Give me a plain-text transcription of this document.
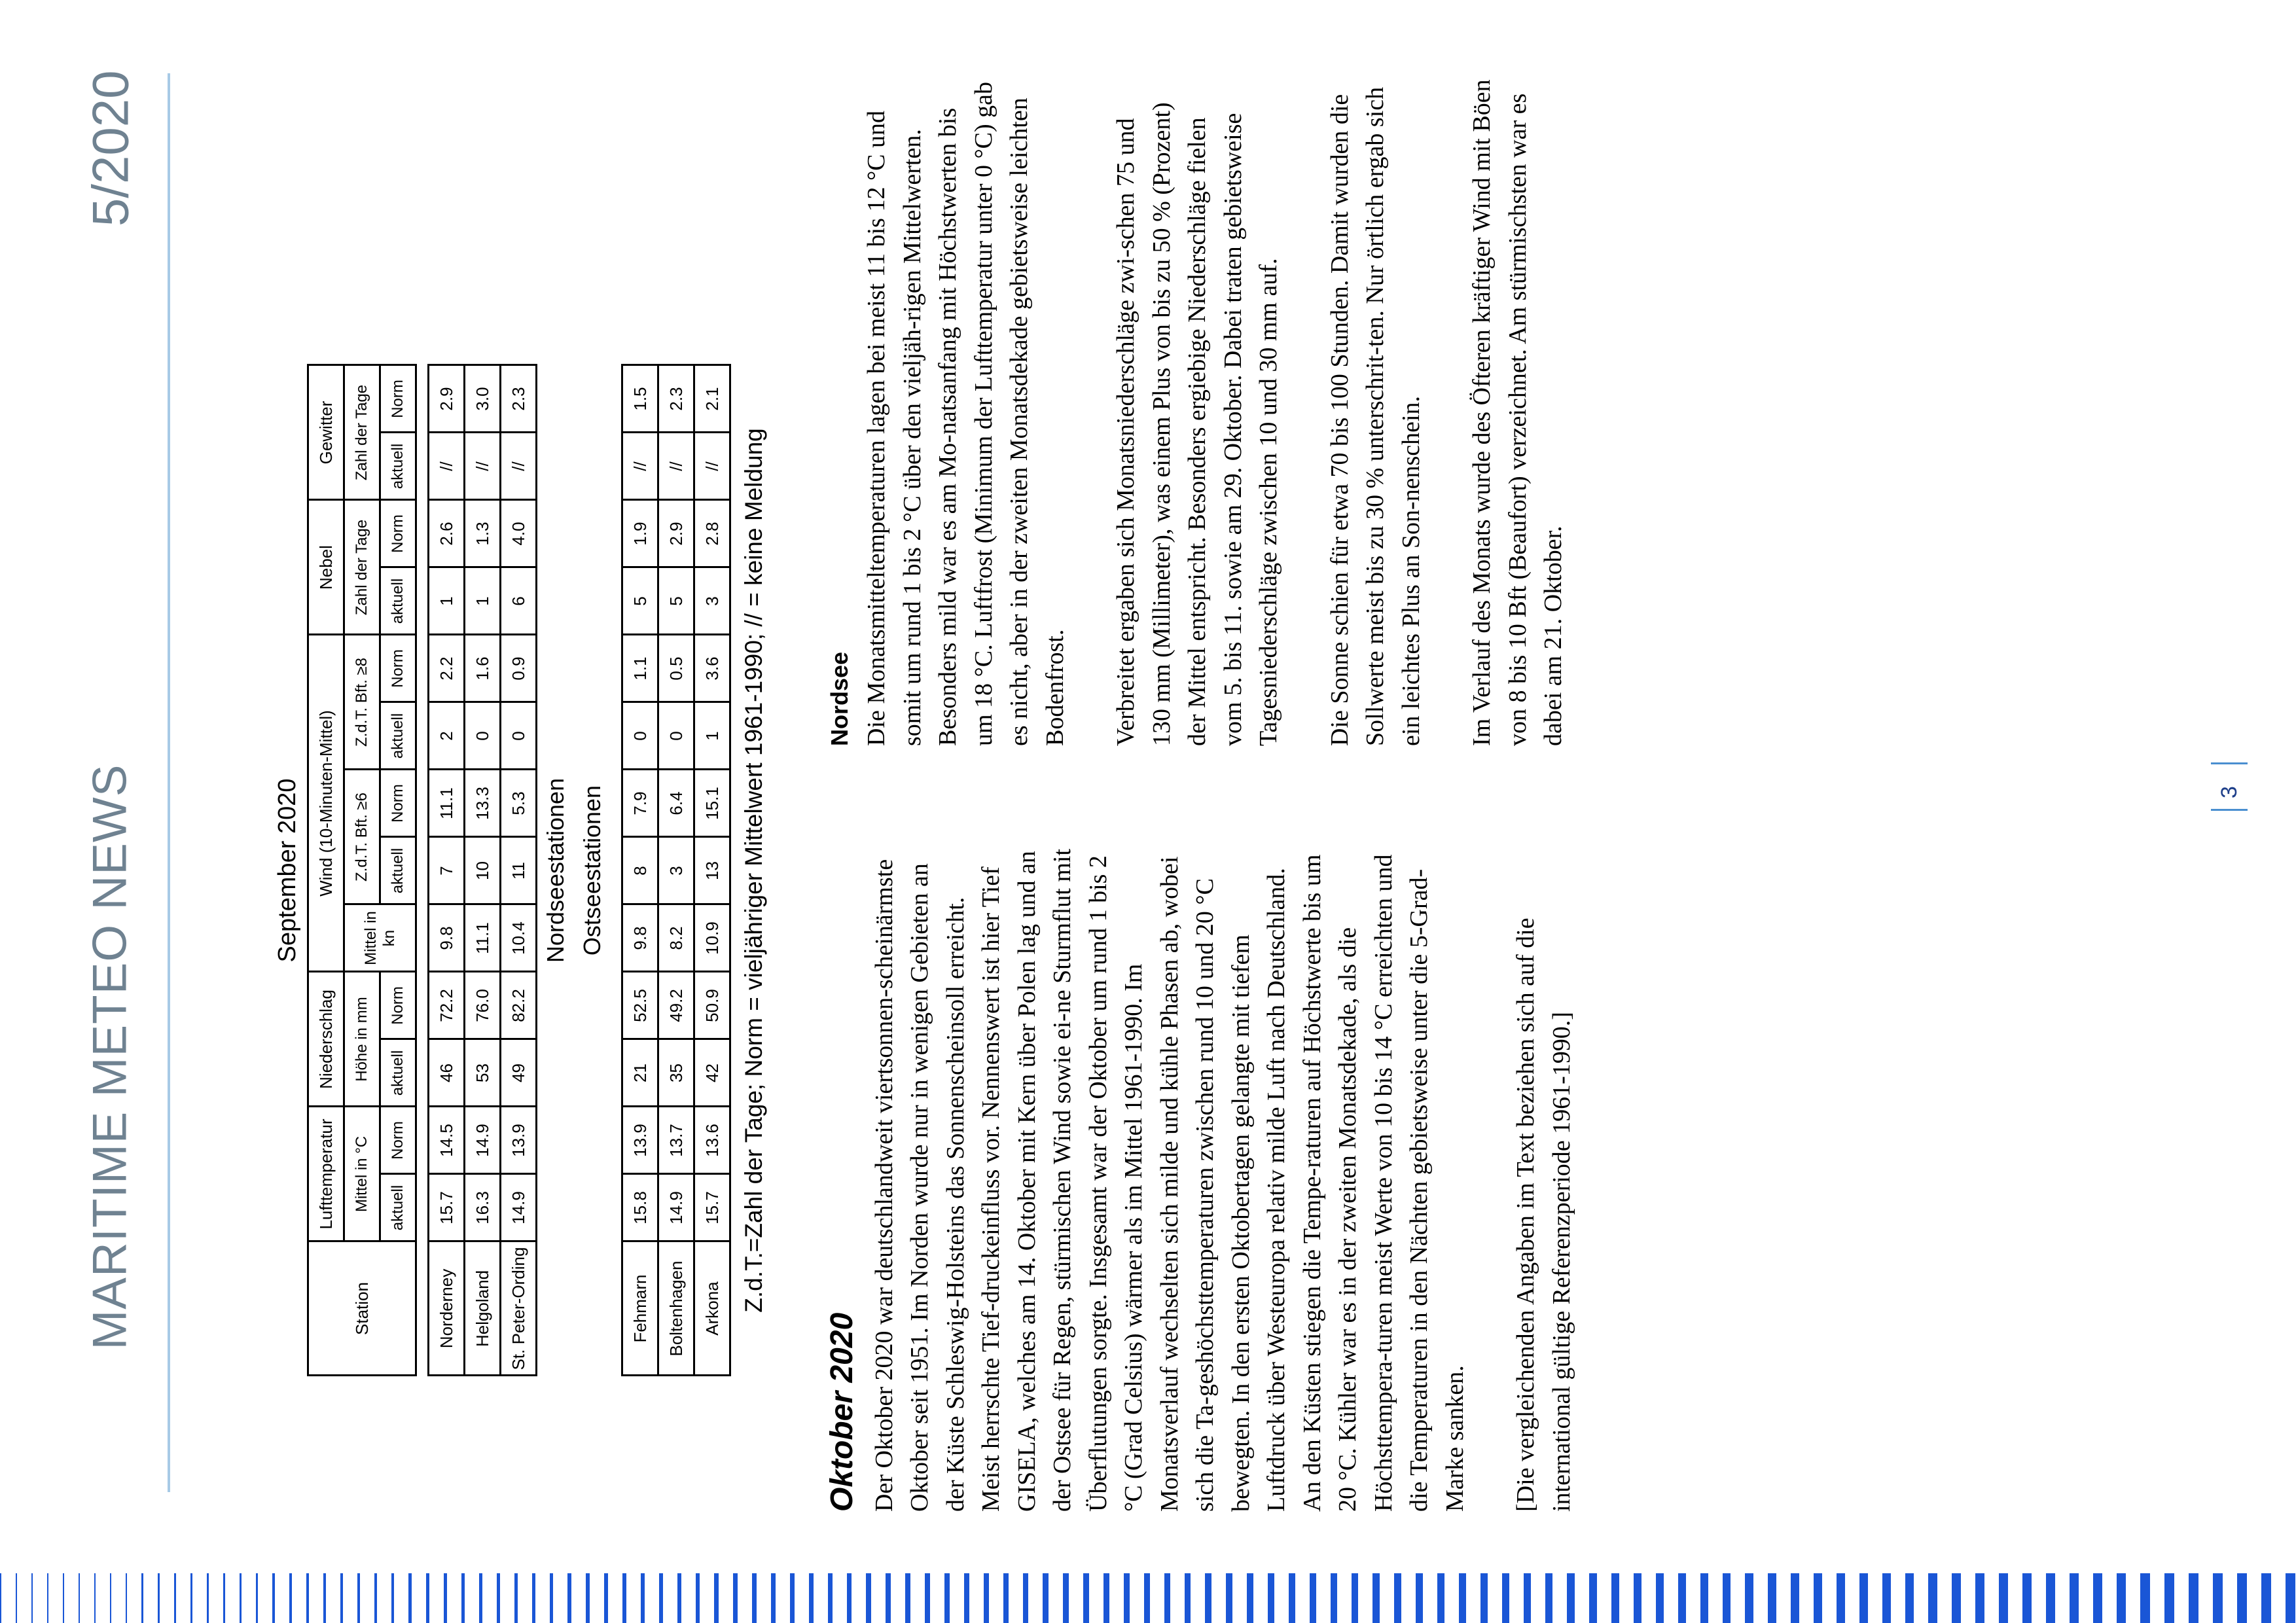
MARITIME METEO NEWS
5/2020
September 2020
Station	Lufttemperatur		Niederschlag		Wind (10-Minuten-Mittel)					Nebel		Gewitter	
	Mittel in °C		Höhe in mm		Mittel in kn	Z.d.T. Bft. ≥6		Z.d.T. Bft. ≥8		Zahl der Tage		Zahl der Tage	
	aktuell	Norm	aktuell	Norm		aktuell	Norm	aktuell	Norm	aktuell	Norm	aktuell	Norm

Norderney	15.7	14.5	46	72.2	9.8	7	11.1	2	2.2	1	2.6	//	2.9
Helgoland	16.3	14.9	53	76.0	11.1	10	13.3	0	1.6	1	1.3	//	3.0
St. Peter-Ording	14.9	13.9	49	82.2	10.4	11	5.3	0	0.9	6	4.0	//	2.3
Nordseestationen													
Ostseestationen													

Fehmarn	15.8	13.9	21	52.5	9.8	8	7.9	0	1.1	5	1.9	//	1.5
Boltenhagen	14.9	13.7	35	49.2	8.2	3	6.4	0	0.5	5	2.9	//	2.3
Arkona	15.7	13.6	42	50.9	10.9	13	15.1	1	3.6	3	2.8	//	2.1
Z.d.T.=Zahl der Tage; Norm = vieljähriger Mittelwert 1961-1990; // = keine Meldung
Oktober 2020 Der Oktober 2020 war deutschlandweit viertsonnen-scheinärmste Oktober seit 1951. Im Norden wurde nur in wenigen Gebieten an der Küste Schleswig-Holsteins das Sonnenscheinsoll erreicht. Meist herrschte Tief-druckeinfluss vor. Nennenswert ist hier Tief GISELA, welches am 14. Oktober mit Kern über Polen lag und an der Ostsee für Regen, stürmischen Wind sowie ei-ne Sturmflut mit Überflutungen sorgte. Insgesamt war der Oktober um rund 1 bis 2 °C (Grad Celsius) wärmer als im Mittel 1961-1990. Im Monatsverlauf wechselten sich milde und kühle Phasen ab, wobei sich die Ta-geshöchsttemperaturen zwischen rund 10 und 20 °C bewegten. In den ersten Oktobertagen gelangte mit tiefem Luftdruck über Westeuropa relativ milde Luft nach Deutschland. An den Küsten stiegen die Tempe-raturen auf Höchstwerte bis um 20 °C. Kühler war es in der zweiten Monatsdekade, als die Höchsttempera-turen meist Werte von 10 bis 14 °C erreichten und die Temperaturen in den Nächten gebietsweise unter die 5-Grad-Marke sanken. [Die vergleichenden Angaben im Text beziehen sich auf die international gültige Referenzperiode 1961-1990.]

Nordsee Die Monatsmitteltemperaturen lagen bei meist 11 bis 12 °C und somit um rund 1 bis 2 °C über den vieljäh-rigen Mittelwerten. Besonders mild war es am Mo-natsanfang mit Höchstwerten bis um 18 °C. Luftfrost (Minimum der Lufttemperatur unter 0 °C) gab es nicht, aber in der zweiten Monatsdekade gebietsweise leichten Bodenfrost. Verbreitet ergaben sich Monatsniederschläge zwi-schen 75 und 130 mm (Millimeter), was einem Plus von bis zu 50 % (Prozent) der Mittel entspricht. Besonders ergiebige Niederschläge fielen vom 5. bis 11. sowie am 29. Oktober. Dabei traten gebietsweise Tagesniederschläge zwischen 10 und 30 mm auf. Die Sonne schien für etwa 70 bis 100 Stunden. Damit wurden die Sollwerte meist bis zu 30 % unterschrit-ten. Nur örtlich ergab sich ein leichtes Plus an Son-nenschein. Im Verlauf des Monats wurde des Öfteren kräftiger Wind mit Böen von 8 bis 10 Bft (Beaufort) verzeichnet. Am stürmischsten war es dabei am 21. Oktober.

3
